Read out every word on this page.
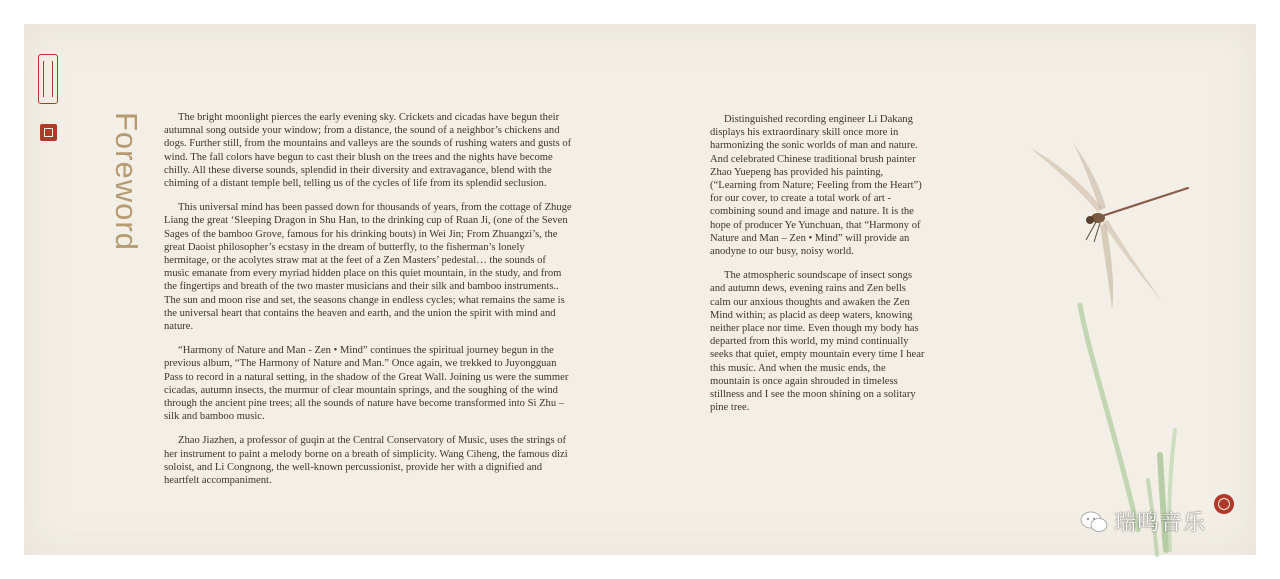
Foreword	The bright moonlight pierces the early evening sky. Crickets and cicadas have begun their autumnal song outside your window; from a distance, the sound of a neighbor’s chickens and dogs. Further still, from the mountains and valleys are the sounds of rushing waters and gusts of wind. The fall colors have begun to cast their blush on the trees and the nights have become chilly. All these diverse sounds, splendid in their diversity and extravagance, blend with the chiming of a distant temple bell, telling us of the cycles of life from its splendid seclusion.

This universal mind has been passed down for thousands of years, from the cottage of Zhuge Liang the great ‘Sleeping Dragon in Shu Han, to the drinking cup of Ruan Ji, (one of the Seven Sages of the bamboo Grove, famous for his drinking bouts) in Wei Jin; From Zhuangzi’s, the great Daoist philosopher’s ecstasy in the dream of butterfly, to the fisherman’s lonely hermitage, or the acolytes straw mat at the feet of a Zen Masters’ pedestal… the sounds of music emanate from every myriad hidden place on this quiet mountain, in the study, and from the fingertips and breath of the two master musicians and their silk and bamboo instruments.. The sun and moon rise and set, the seasons change in endless cycles; what remains the same is the universal heart that contains the heaven and earth, and the union the spirit with mind and nature.

“Harmony of Nature and Man - Zen • Mind” continues the spiritual journey begun in the previous album, “The Harmony of Nature and Man.” Once again, we trekked to Juyongguan Pass to record in a natural setting, in the shadow of the Great Wall. Joining us were the summer cicadas, autumn insects, the murmur of clear mountain springs, and the soughing of the wind through the ancient pine trees; all the sounds of nature have become transformed into Si Zhu – silk and bamboo music.

Zhao Jiazhen, a professor of guqin at the Central Conservatory of Music, uses the strings of her instrument to paint a melody borne on a breath of simplicity. Wang Ciheng, the famous dizi soloist, and Li Congnong, the well-known percussionist, provide her with a dignified and heartfelt accompaniment.

Distinguished recording engineer Li Dakang displays his extraordinary skill once more in harmonizing the sonic worlds of man and nature. And celebrated Chinese traditional brush painter Zhao Yuepeng has provided his painting, (“Learning from Nature; Feeling from the Heart”) for our cover, to create a total work of art - combining sound and image and nature. It is the hope of producer Ye Yunchuan, that “Harmony of Nature and Man – Zen • Mind” will provide an anodyne to our busy, noisy world.

The atmospheric soundscape of insect songs and autumn dews, evening rains and Zen bells calm our anxious thoughts and awaken the Zen Mind within; as placid as deep waters, knowing neither place nor time. Even though my body has departed from this world, my mind continually seeks that quiet, empty mountain every time I hear this music. And when the music ends, the mountain is once again shrouded in timeless stillness and I see the moon shining on a solitary pine tree.

瑞鸣音乐
